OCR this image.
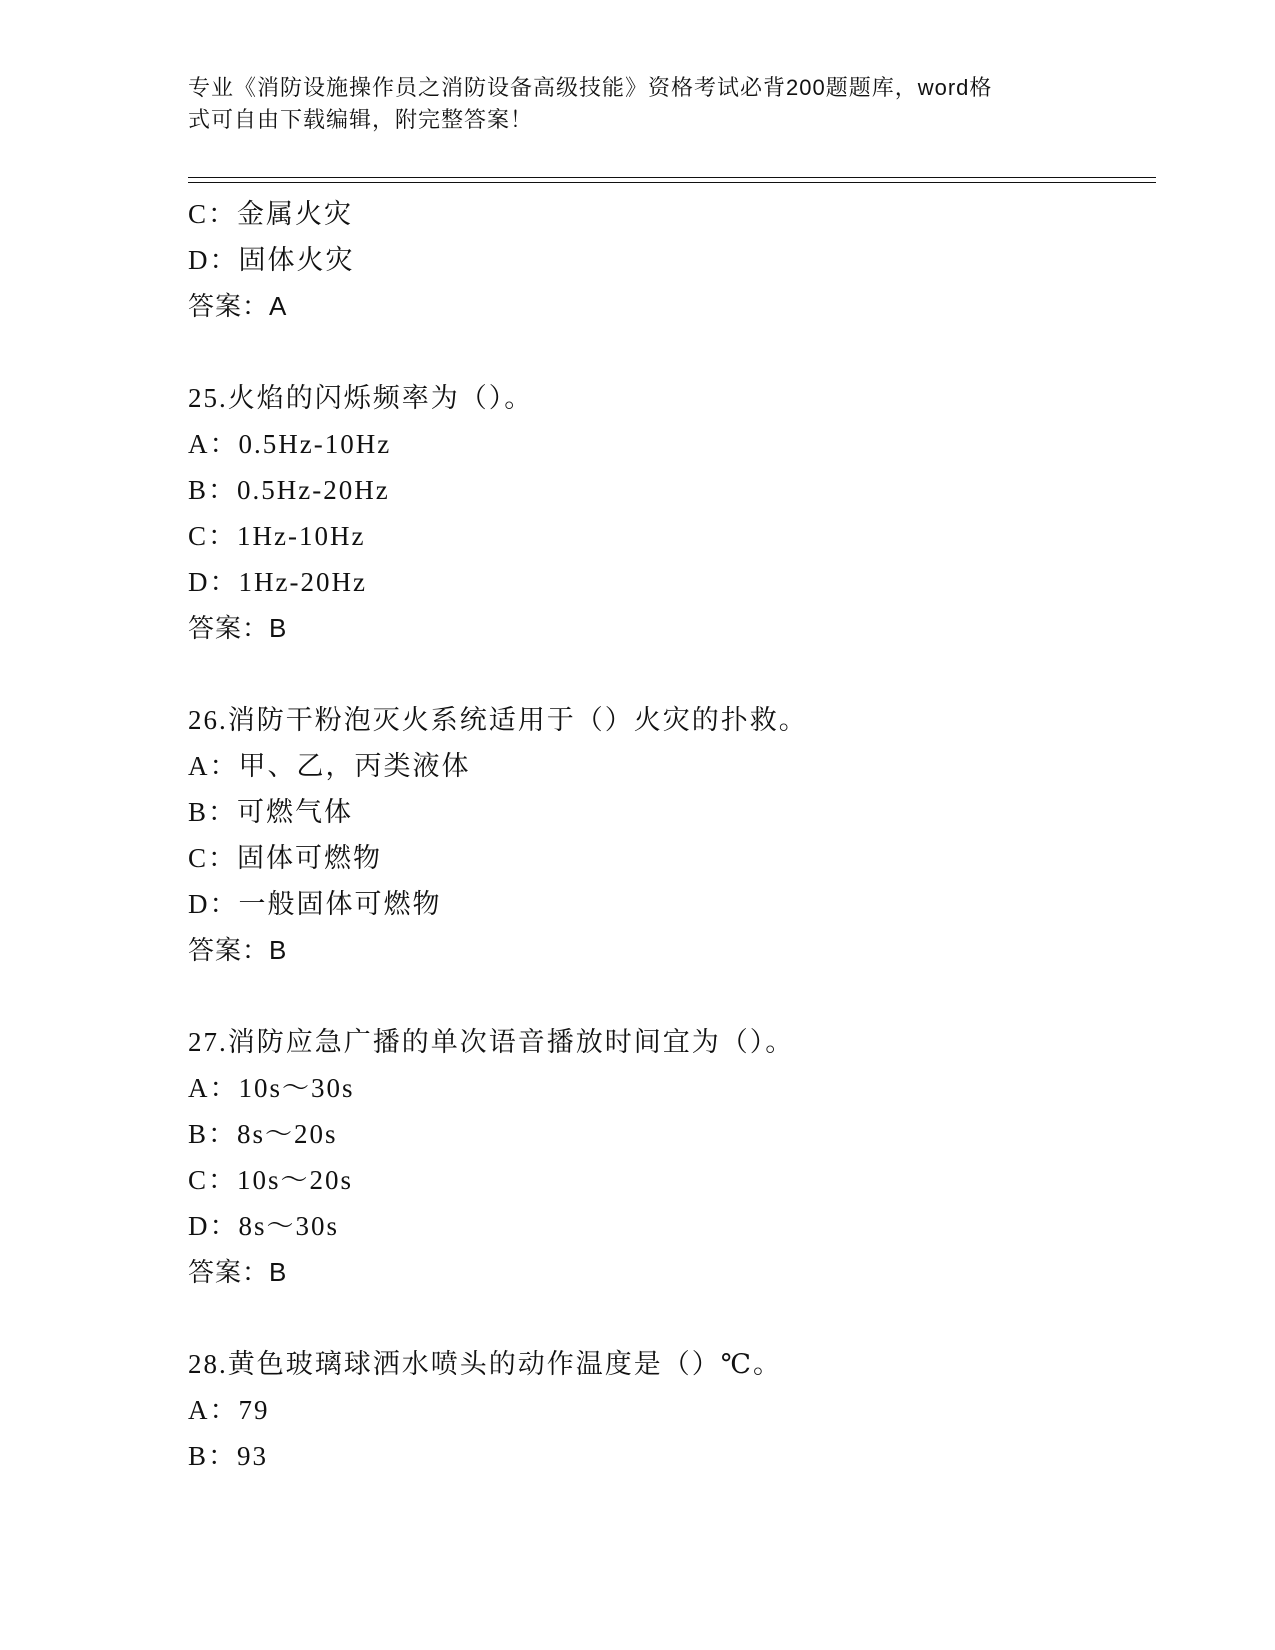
专业《消防设施操作员之消防设备高级技能》资格考试必背200题题库，word格
式可自由下载编辑，附完整答案！
C：金属火灾
D：固体火灾
答案：A
25.火焰的闪烁频率为（）。
A：0.5Hz-10Hz
B：0.5Hz-20Hz
C：1Hz-10Hz
D：1Hz-20Hz
答案：B
26.消防干粉泡灭火系统适用于（）火灾的扑救。
A：甲、乙，丙类液体
B：可燃气体
C：固体可燃物
D：一般固体可燃物
答案：B
27.消防应急广播的单次语音播放时间宜为（）。
A：10s～30s
B：8s～20s
C：10s～20s
D：8s～30s
答案：B
28.黄色玻璃球洒水喷头的动作温度是（）℃。
A：79
B：93
